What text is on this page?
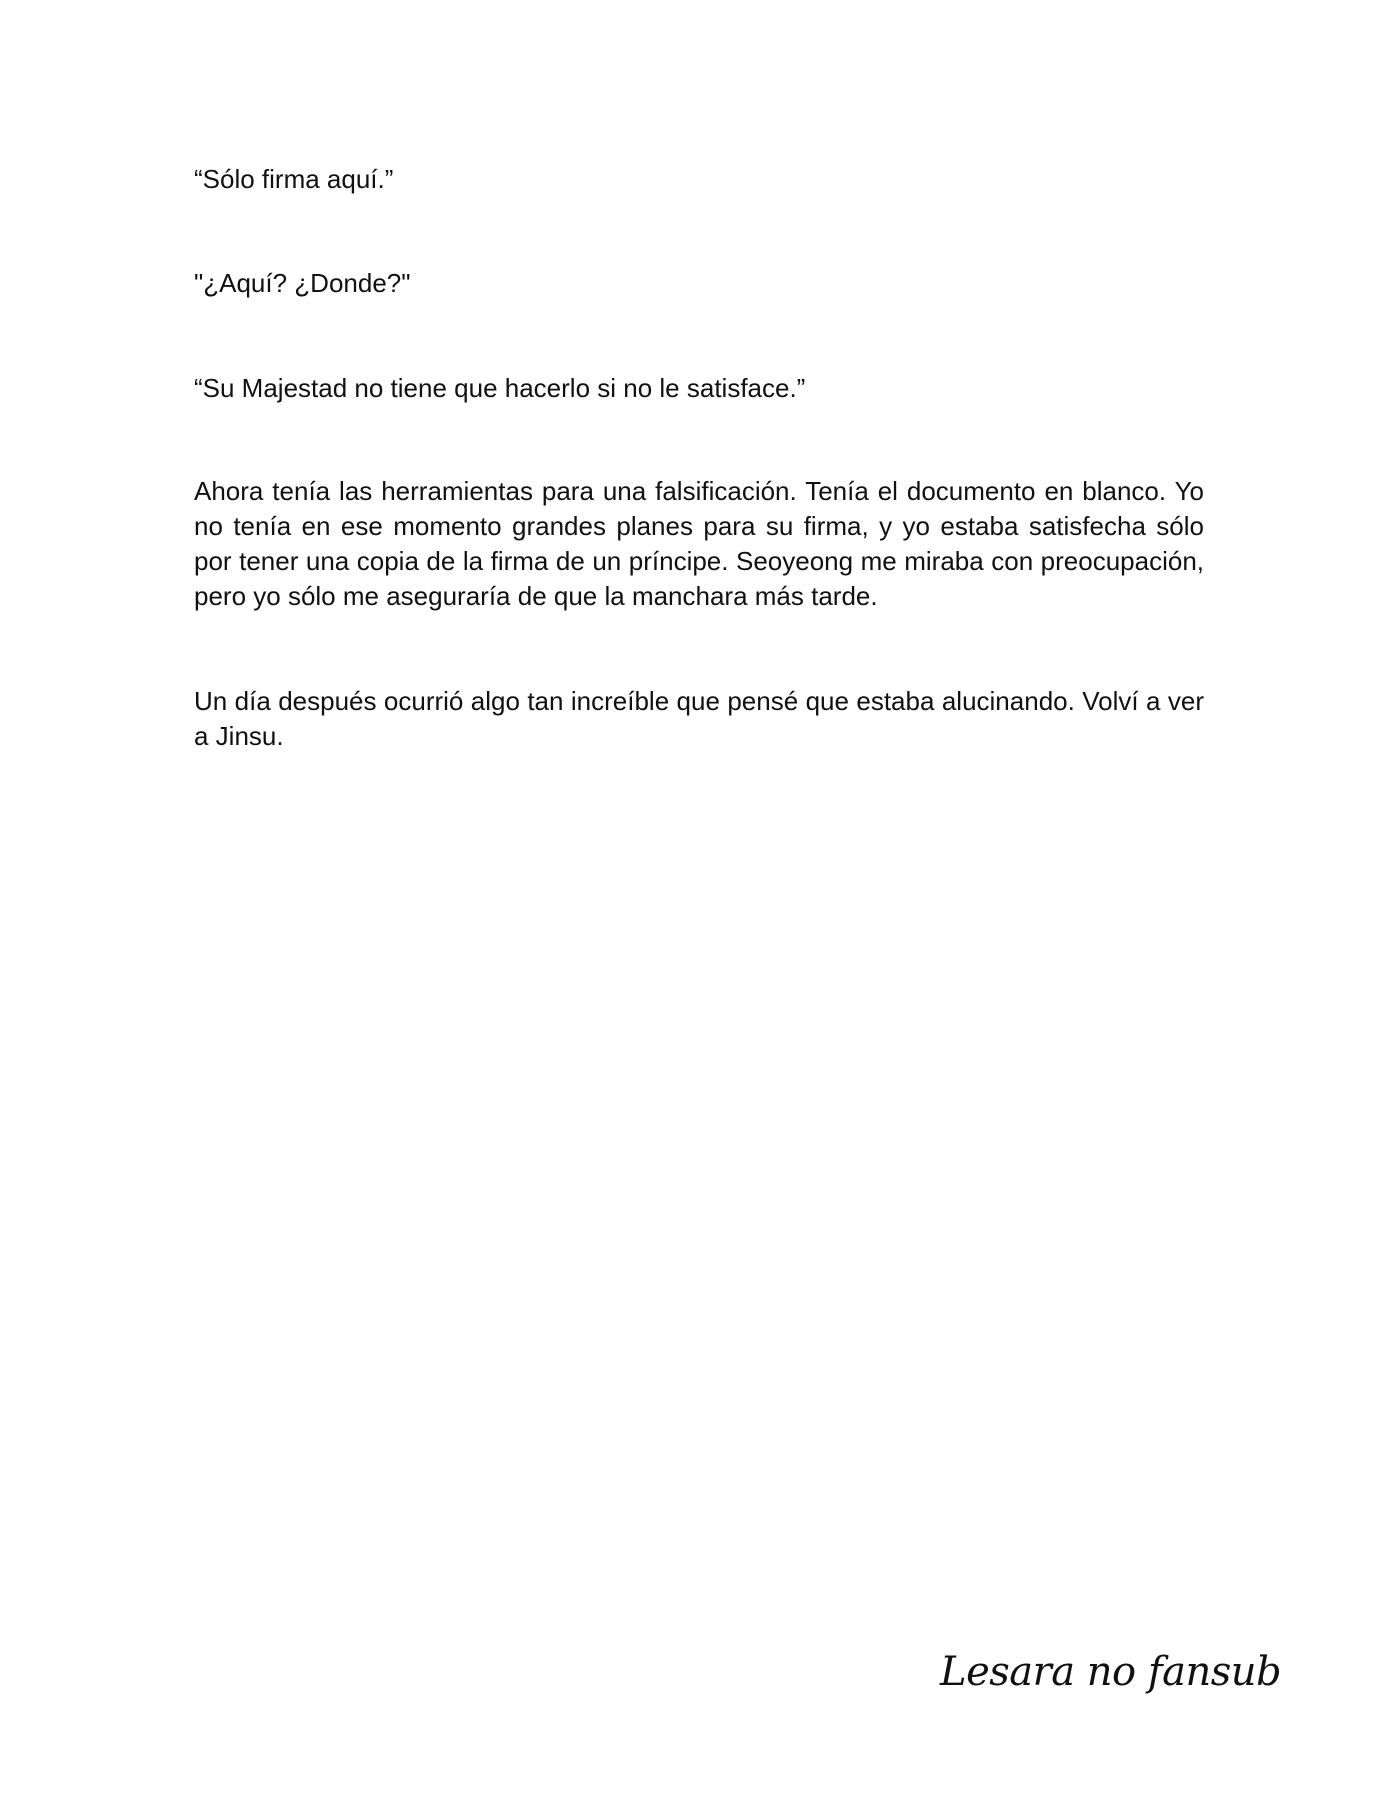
“Sólo firma aquí.”

"¿Aquí? ¿Donde?"

“Su Majestad no tiene que hacerlo si no le satisface.”

Ahora tenía las herramientas para una falsificación. Tenía el documento en blanco. Yo no tenía en ese momento grandes planes para su firma, y yo estaba satisfecha sólo por tener una copia de la firma de un príncipe. Seoyeong me miraba con preocupación, pero yo sólo me aseguraría de que la manchara más tarde.

Un día después ocurrió algo tan increíble que pensé que estaba alucinando. Volví a ver a Jinsu.

Lesara no fansub
